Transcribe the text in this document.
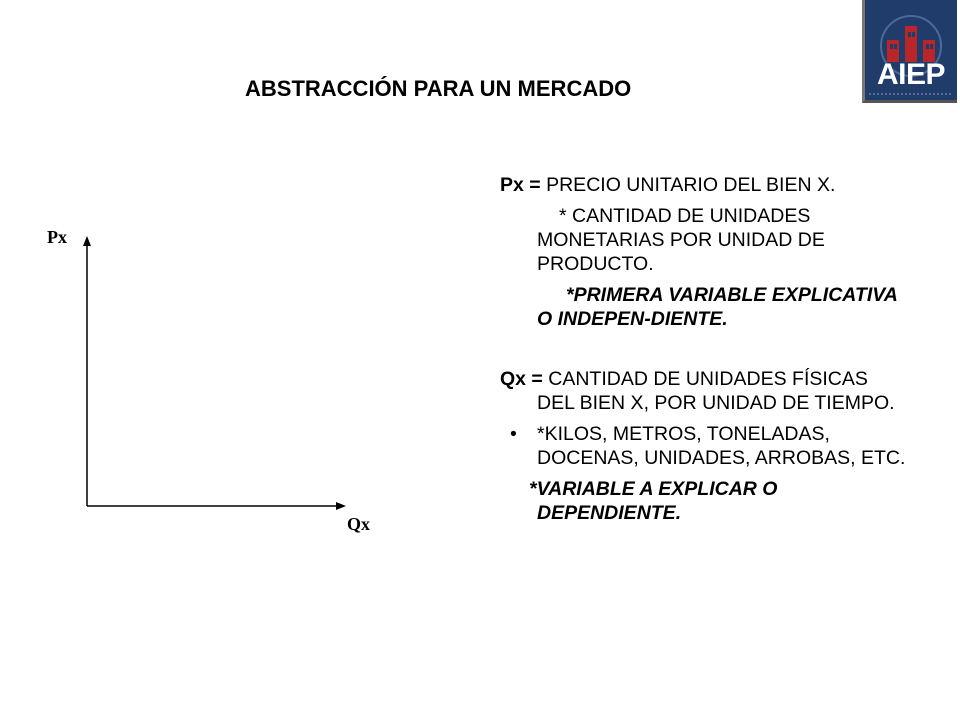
ABSTRACCIÓN PARA UN MERCADO	AIEP
Px
Qx

Px = PRECIO UNITARIO DEL BIEN X.

* CANTIDAD DE UNIDADES MONETARIAS POR UNIDAD DE PRODUCTO.

*PRIMERA VARIABLE EXPLICATIVA O INDEPEN-DIENTE.

Qx = CANTIDAD DE UNIDADES FÍSICAS DEL BIEN X, POR UNIDAD DE TIEMPO.

• *KILOS, METROS, TONELADAS, DOCENAS, UNIDADES, ARROBAS, ETC.

*VARIABLE A EXPLICAR O DEPENDIENTE.
